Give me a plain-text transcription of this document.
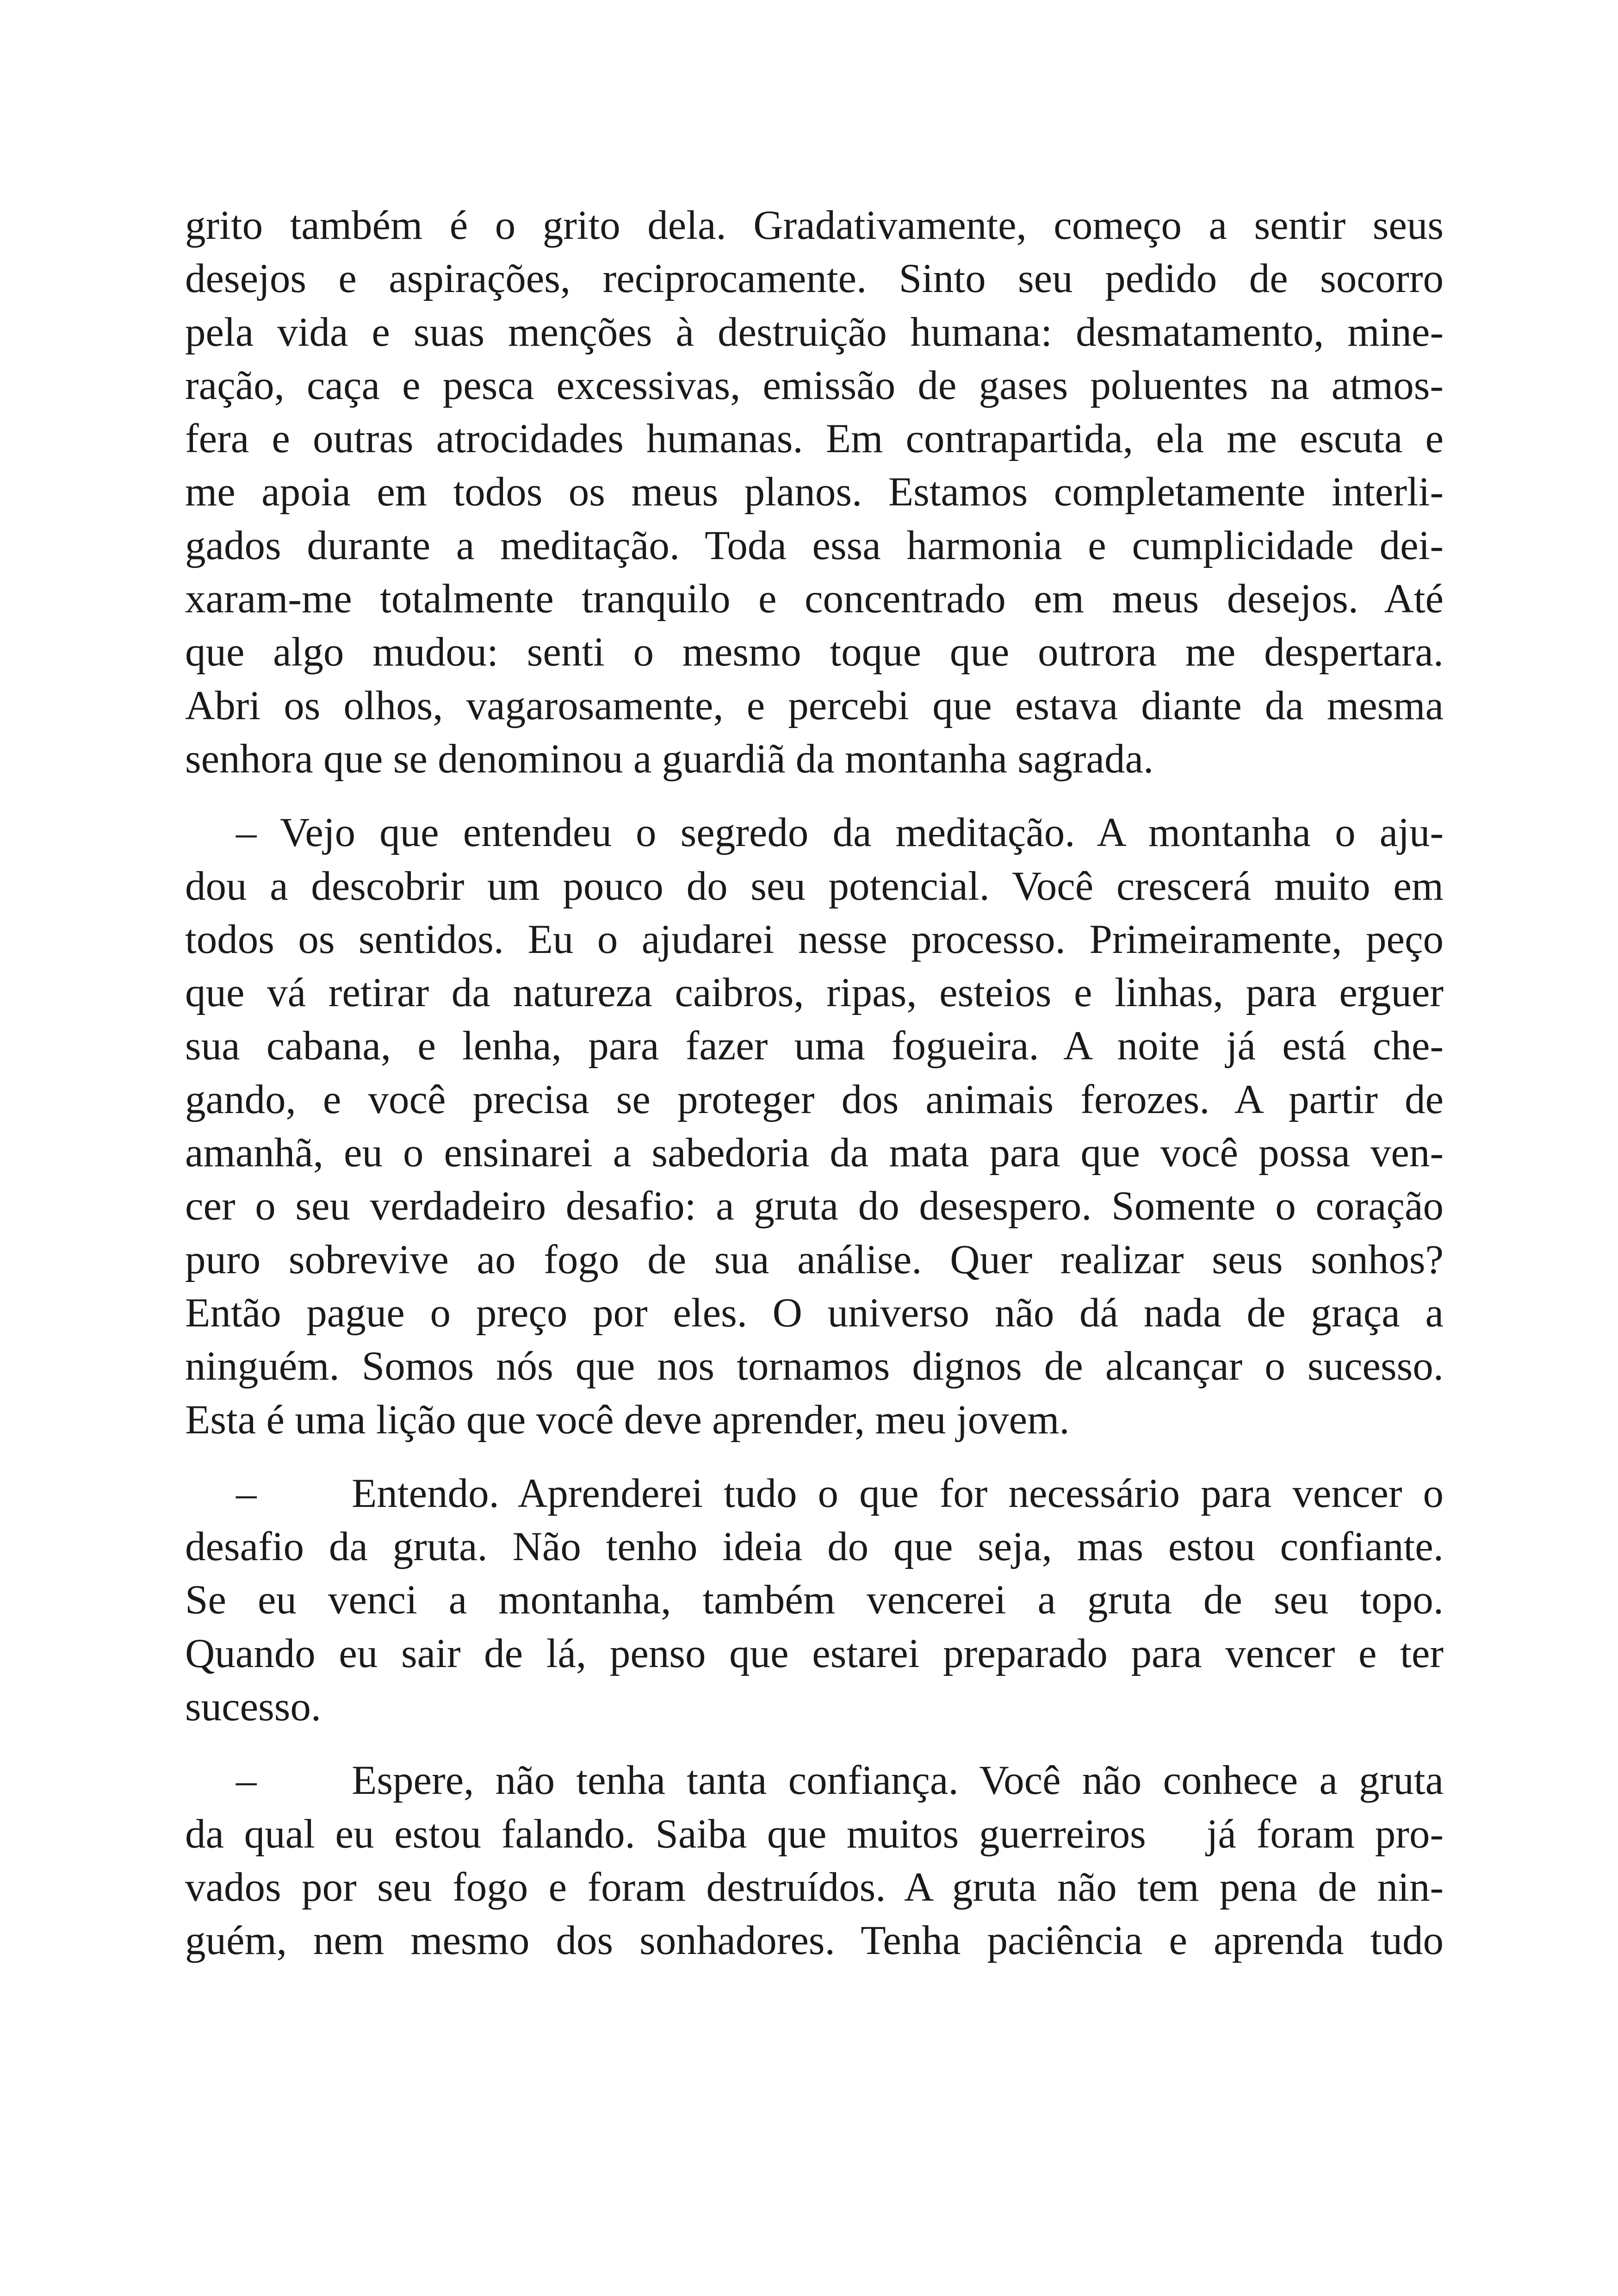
grito também é o grito dela. Gradativamente, começo a sentir seus
desejos e aspirações, reciprocamente. Sinto seu pedido de socorro
pela vida e suas menções à destruição humana: desmatamento, mine-
ração, caça e pesca excessivas, emissão de gases poluentes na atmos-
fera e outras atrocidades humanas. Em contrapartida, ela me escuta e
me apoia em todos os meus planos. Estamos completamente interli-
gados durante a meditação. Toda essa harmonia e cumplicidade dei-
xaram-me totalmente tranquilo e concentrado em meus desejos. Até
que algo mudou: senti o mesmo toque que outrora me despertara.
Abri os olhos, vagarosamente, e percebi que estava diante da mesma
senhora que se denominou a guardiã da montanha sagrada.
– Vejo que entendeu o segredo da meditação. A montanha o aju-
dou a descobrir um pouco do seu potencial. Você crescerá muito em
todos os sentidos. Eu o ajudarei nesse processo. Primeiramente, peço
que vá retirar da natureza caibros, ripas, esteios e linhas, para erguer
sua cabana, e lenha, para fazer uma fogueira. A noite já está che-
gando, e você precisa se proteger dos animais ferozes. A partir de
amanhã, eu o ensinarei a sabedoria da mata para que você possa ven-
cer o seu verdadeiro desafio: a gruta do desespero. Somente o coração
puro sobrevive ao fogo de sua análise. Quer realizar seus sonhos?
Então pague o preço por eles. O universo não dá nada de graça a
ninguém. Somos nós que nos tornamos dignos de alcançar o sucesso.
Esta é uma lição que você deve aprender, meu jovem.
– Entendo. Aprenderei tudo o que for necessário para vencer o
desafio da gruta. Não tenho ideia do que seja, mas estou confiante.
Se eu venci a montanha, também vencerei a gruta de seu topo.
Quando eu sair de lá, penso que estarei preparado para vencer e ter
sucesso.
– Espere, não tenha tanta confiança. Você não conhece a gruta
da qual eu estou falando. Saiba que muitos guerreiros   já foram pro-
vados por seu fogo e foram destruídos. A gruta não tem pena de nin-
guém, nem mesmo dos sonhadores. Tenha paciência e aprenda tudo
